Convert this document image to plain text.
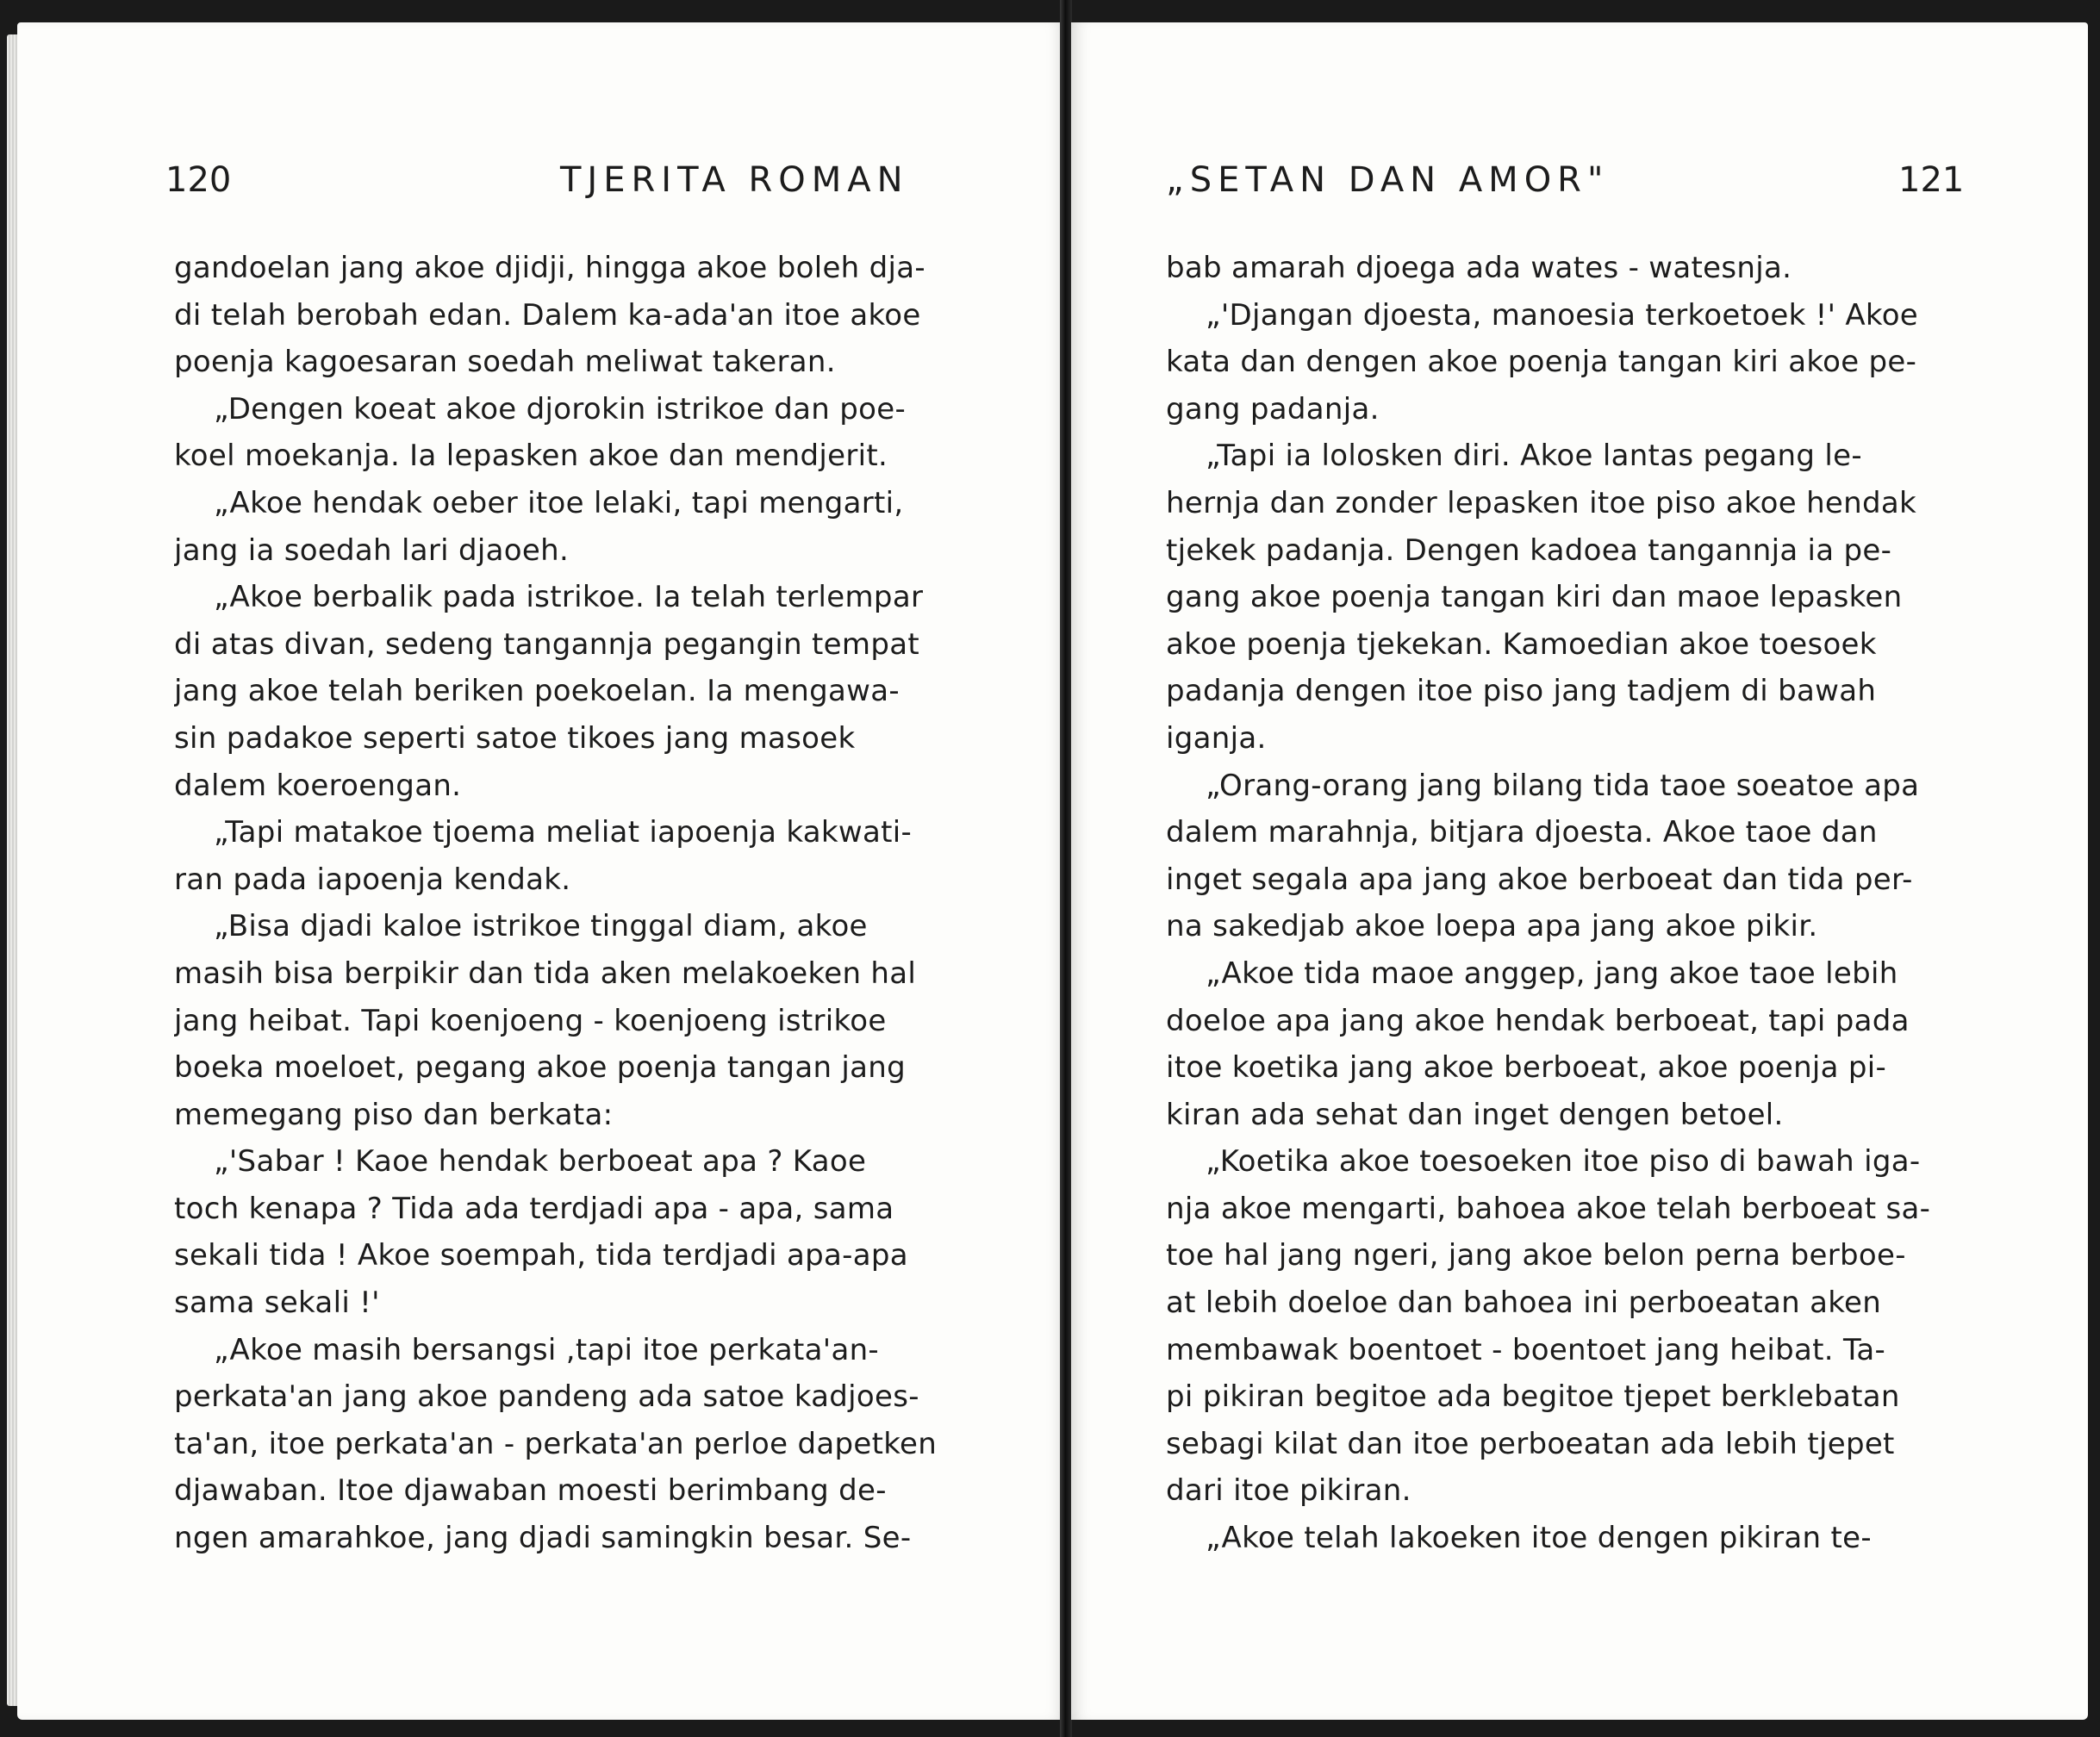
120	TJERITA ROMAN
gandoelan jang akoe djidji, hingga akoe boleh dja-
di telah berobah edan. Dalem ka-ada'an itoe akoe
poenja kagoesaran soedah meliwat takeran.
„Dengen koeat akoe djorokin istrikoe dan poe-
koel moekanja. Ia lepasken akoe dan mendjerit.
„Akoe hendak oeber itoe lelaki, tapi mengarti,
jang ia soedah lari djaoeh.
„Akoe berbalik pada istrikoe. Ia telah terlempar
di atas divan, sedeng tangannja pegangin tempat
jang akoe telah beriken poekoelan. Ia mengawa-
sin padakoe seperti satoe tikoes jang masoek
dalem koeroengan.
„Tapi matakoe tjoema meliat iapoenja kakwati-
ran pada iapoenja kendak.
„Bisa djadi kaloe istrikoe tinggal diam, akoe
masih bisa berpikir dan tida aken melakoeken hal
jang heibat. Tapi koenjoeng - koenjoeng istrikoe
boeka moeloet, pegang akoe poenja tangan jang
memegang piso dan berkata:
„'Sabar ! Kaoe hendak berboeat apa ? Kaoe
toch kenapa ? Tida ada terdjadi apa - apa, sama
sekali tida ! Akoe soempah, tida terdjadi apa-apa
sama sekali !'
„Akoe masih bersangsi ,tapi itoe perkata'an-
perkata'an jang akoe pandeng ada satoe kadjoes-
ta'an, itoe perkata'an - perkata'an perloe dapetken
djawaban. Itoe djawaban moesti berimbang de-
ngen amarahkoe, jang djadi samingkin besar. Se-
„SETAN DAN AMOR"	121
bab amarah djoega ada wates - watesnja.
„'Djangan djoesta, manoesia terkoetoek !' Akoe
kata dan dengen akoe poenja tangan kiri akoe pe-
gang padanja.
„Tapi ia lolosken diri. Akoe lantas pegang le-
hernja dan zonder lepasken itoe piso akoe hendak
tjekek padanja. Dengen kadoea tangannja ia pe-
gang akoe poenja tangan kiri dan maoe lepasken
akoe poenja tjekekan. Kamoedian akoe toesoek
padanja dengen itoe piso jang tadjem di bawah
iganja.
„Orang-orang jang bilang tida taoe soeatoe apa
dalem marahnja, bitjara djoesta. Akoe taoe dan
inget segala apa jang akoe berboeat dan tida per-
na sakedjab akoe loepa apa jang akoe pikir.
„Akoe tida maoe anggep, jang akoe taoe lebih
doeloe apa jang akoe hendak berboeat, tapi pada
itoe koetika jang akoe berboeat, akoe poenja pi-
kiran ada sehat dan inget dengen betoel.
„Koetika akoe toesoeken itoe piso di bawah iga-
nja akoe mengarti, bahoea akoe telah berboeat sa-
toe hal jang ngeri, jang akoe belon perna berboe-
at lebih doeloe dan bahoea ini perboeatan aken
membawak boentoet - boentoet jang heibat. Ta-
pi pikiran begitoe ada begitoe tjepet berklebatan
sebagi kilat dan itoe perboeatan ada lebih tjepet
dari itoe pikiran.
„Akoe telah lakoeken itoe dengen pikiran te-
